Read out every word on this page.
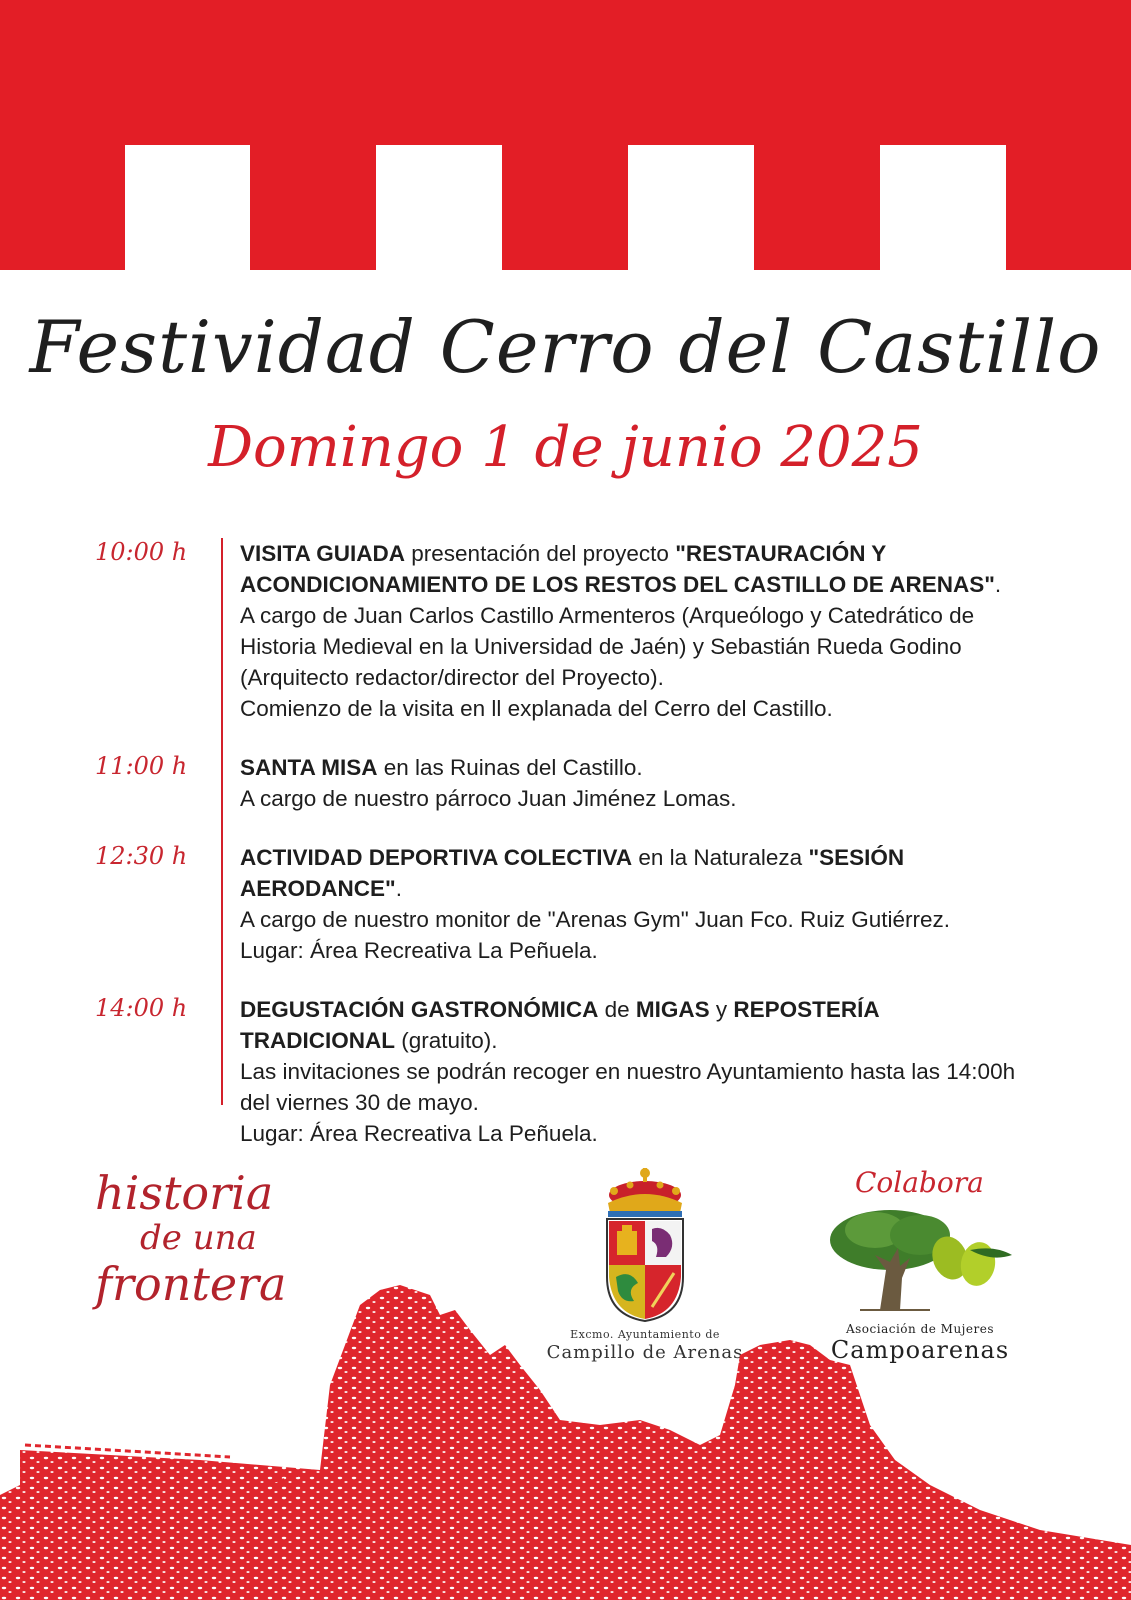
Festividad Cerro del Castillo
Domingo 1 de junio 2025
10:00 h	VISITA GUIADA presentación del proyecto "RESTAURACIÓN Y ACONDICIONAMIENTO DE LOS RESTOS DEL CASTILLO DE ARENAS".

A cargo de Juan Carlos Castillo Armenteros (Arqueólogo y Catedrático de Historia Medieval en la Universidad de Jaén) y Sebastián Rueda Godino (Arquitecto redactor/director del Proyecto).

Comienzo de la visita en ll explanada del Cerro del Castillo.

11:00 h	SANTA MISA en las Ruinas del Castillo.

A cargo de nuestro párroco Juan Jiménez Lomas.

12:30 h	ACTIVIDAD DEPORTIVA COLECTIVA en la Naturaleza "SESIÓN AERODANCE".

A cargo de nuestro monitor de "Arenas Gym" Juan Fco. Ruiz Gutiérrez.

Lugar: Área Recreativa La Peñuela.

14:00 h	DEGUSTACIÓN GASTRONÓMICA de MIGAS y REPOSTERÍA TRADICIONAL (gratuito).

Las invitaciones se podrán recoger en nuestro Ayuntamiento hasta las 14:00h del viernes 30 de mayo.

Lugar: Área Recreativa La Peñuela.

historia
de una
frontera
Excmo. Ayuntamiento de
Campillo de Arenas
Colabora
Asociación de Mujeres
Campoarenas
